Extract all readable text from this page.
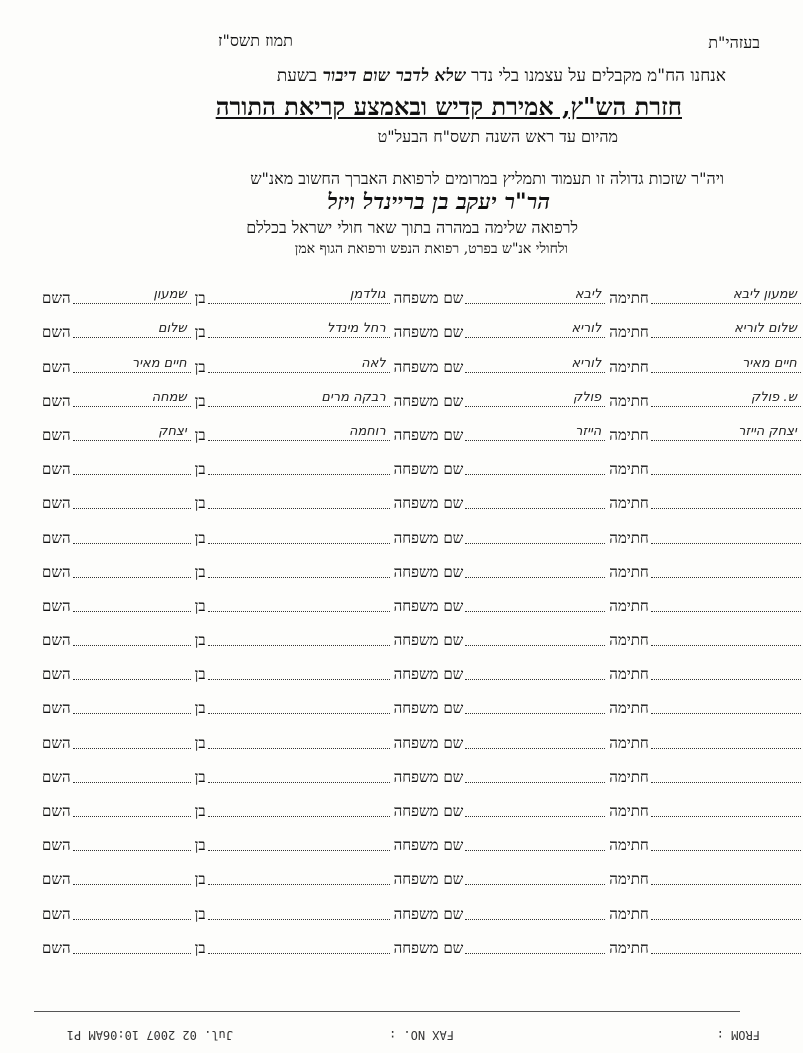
בעזהי"ת
תמוז תשס"ז
אנחנו הח"מ מקבלים על עצמנו בלי נדר שלא לדבר שום דיבור בשעת
חזרת הש"ץ, אמירת קדיש ובאמצע קריאת התורה
מהיום עד ראש השנה תשס"ח הבעל"ט
ויה"ר שזכות גדולה זו תעמוד ותמליץ במרומים לרפואת האברך החשוב מאנ"ש
הר"ר יעקב בן בריינדל ויזל
לרפואה שלימה במהרה בתוך שאר חולי ישראל בכללם
ולחולי אנ"ש בפרט, רפואת הנפש ורפואת הגוף אמן
השם	שמעון בן	גולדמן שם משפחה	ליבא חתימה	שמעון ליבא
השם	שלום בן	רחל מינדל שם משפחה	לוריא חתימה	שלום לוריא
השם	חיים מאיר בן	לאה שם משפחה	לוריא חתימה	חיים מאיר
השם	שמחה בן	רבקה מרים שם משפחה	פולק חתימה	ש. פולק
השם	יצחק בן	רוחמה שם משפחה	הייזר חתימה	יצחק הייזר
השם	בן	שם משפחה	חתימה
השם	בן	שם משפחה	חתימה
השם	בן	שם משפחה	חתימה
השם	בן	שם משפחה	חתימה
השם	בן	שם משפחה	חתימה
השם	בן	שם משפחה	חתימה
השם	בן	שם משפחה	חתימה
השם	בן	שם משפחה	חתימה
השם	בן	שם משפחה	חתימה
השם	בן	שם משפחה	חתימה
השם	בן	שם משפחה	חתימה
השם	בן	שם משפחה	חתימה
השם	בן	שם משפחה	חתימה
השם	בן	שם משפחה	חתימה
השם	בן	שם משפחה	חתימה
FROM :
FAX NO. :
Jul. 02 2007 10:06AM P1
